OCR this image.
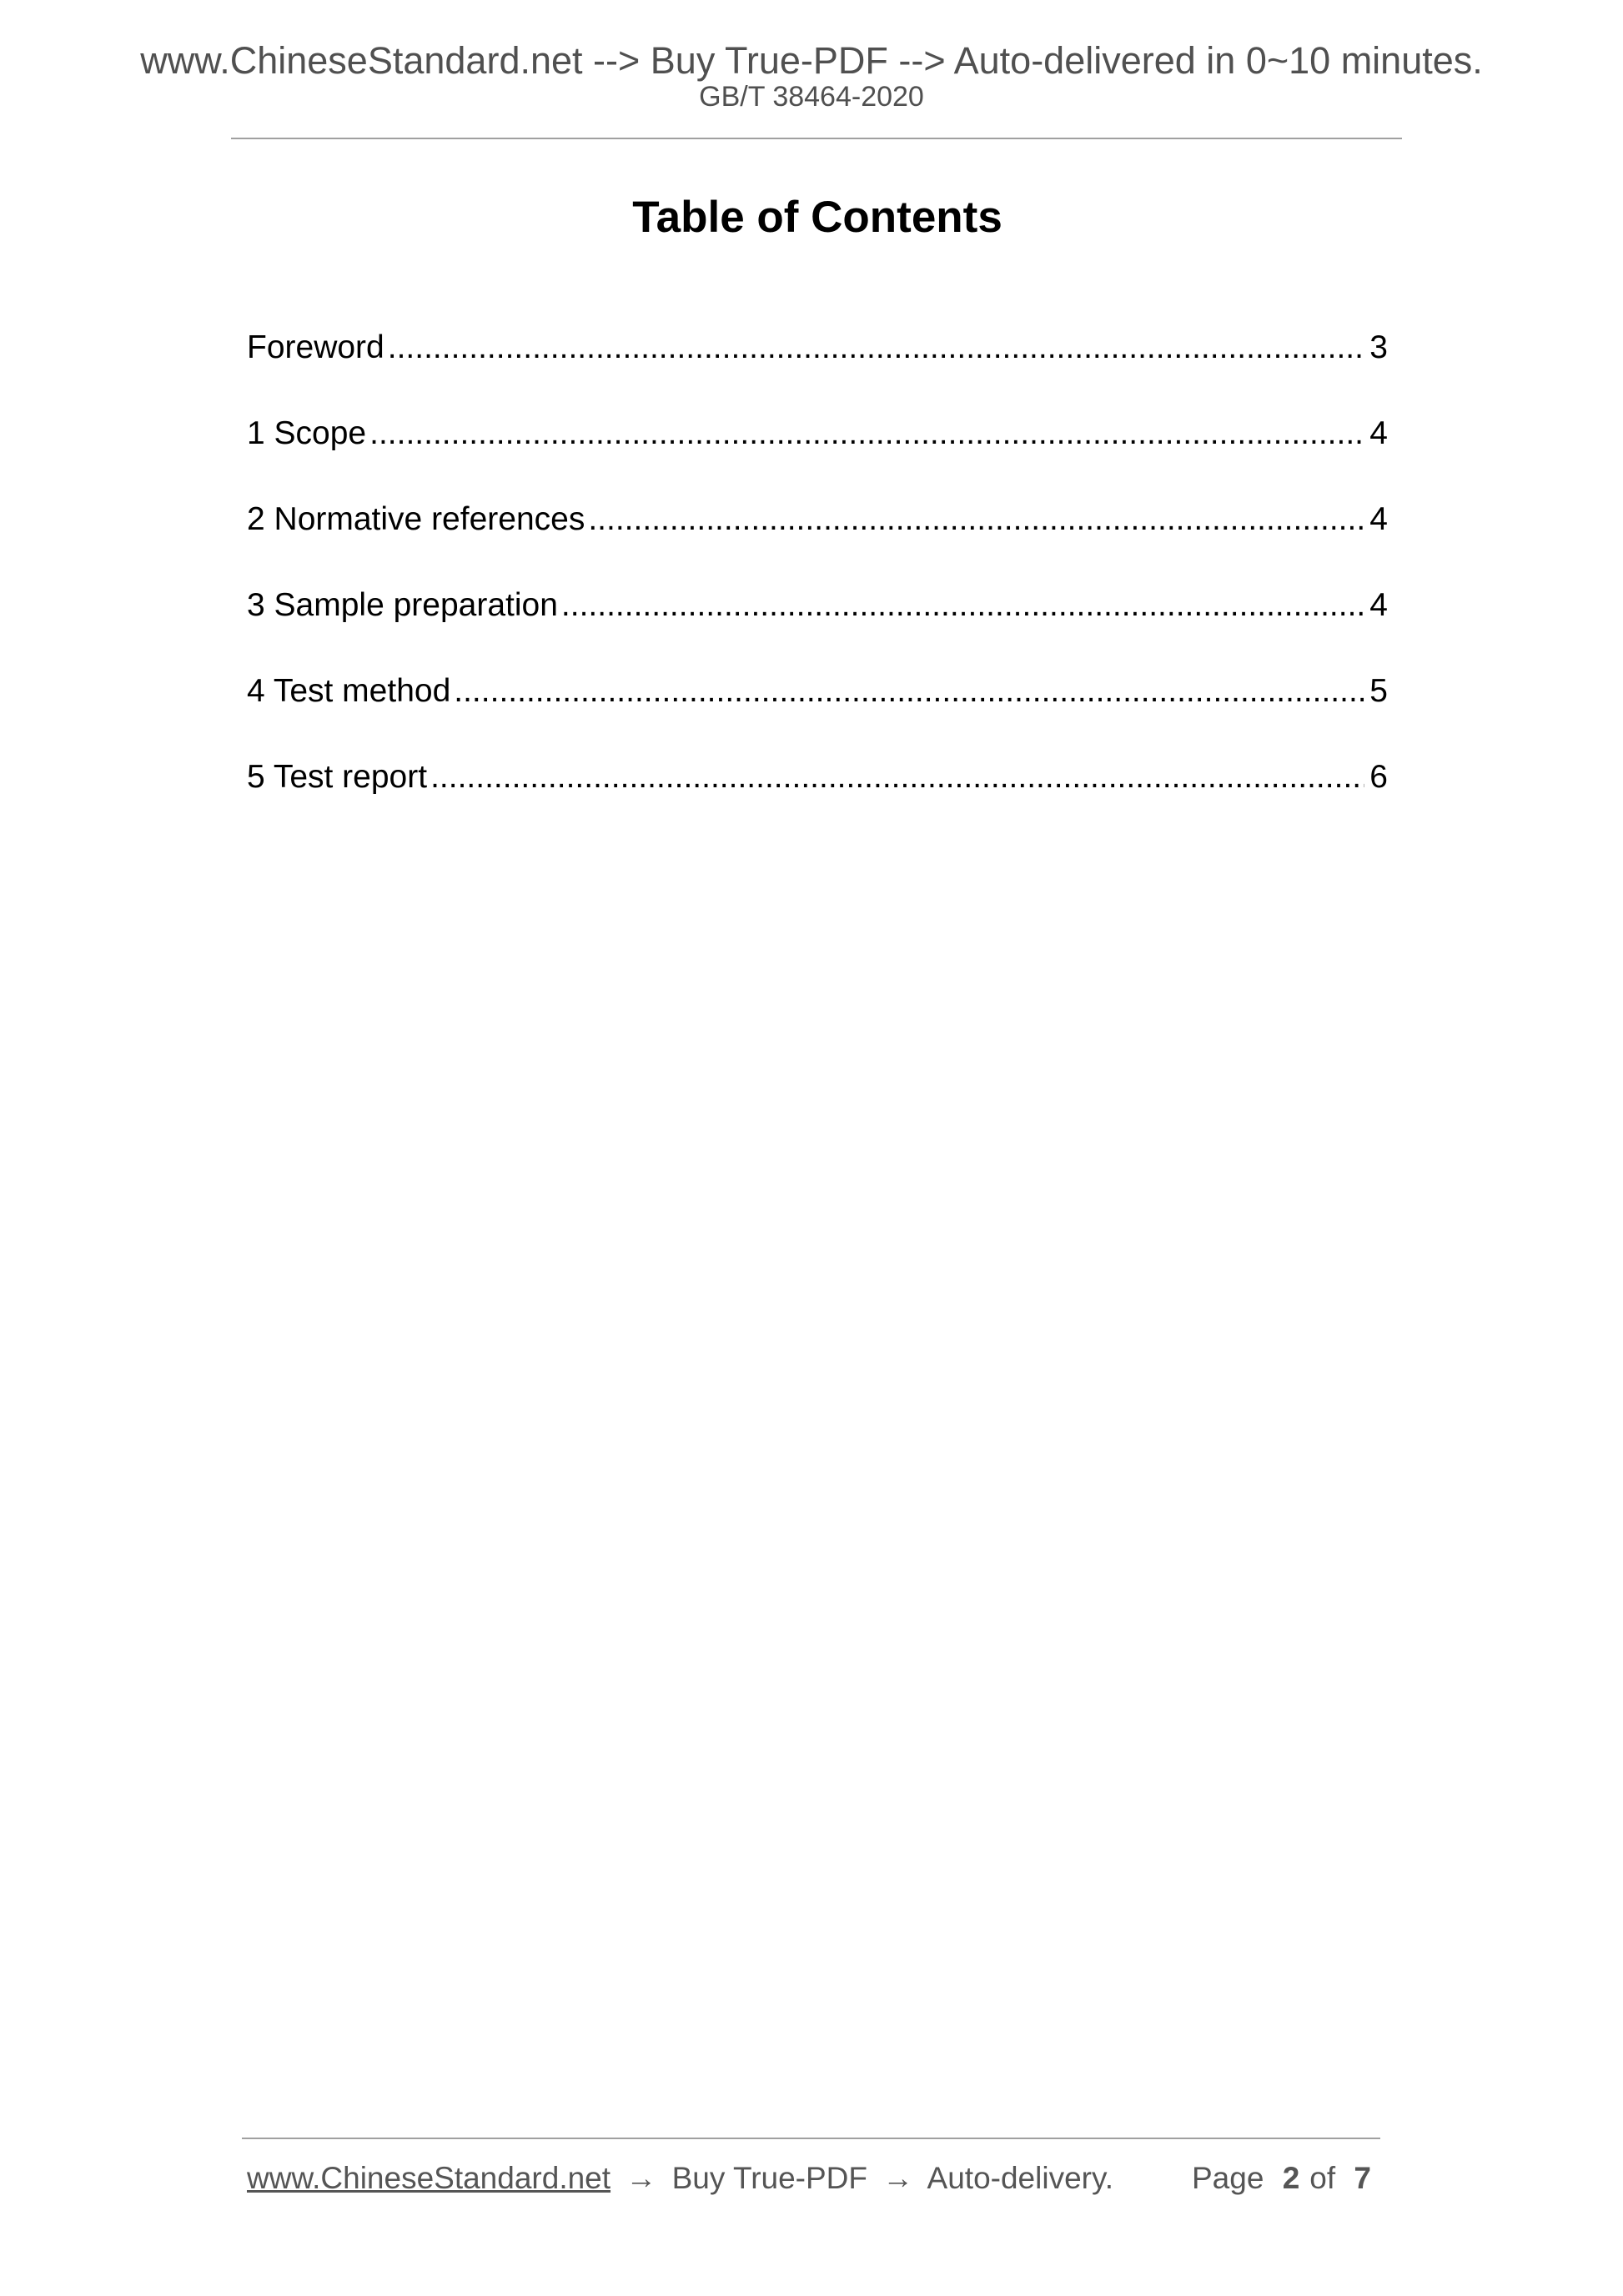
www.ChineseStandard.net --> Buy True-PDF --> Auto-delivered in 0~10 minutes.
GB/T 38464-2020
Table of Contents
Foreword .....	3
1 Scope .....	4
2 Normative references .....	4
3 Sample preparation .....	4
4 Test method .....	5
5 Test report .....	6
www.ChineseStandard.net → Buy True-PDF → Auto-delivery.	Page 2 of 7
